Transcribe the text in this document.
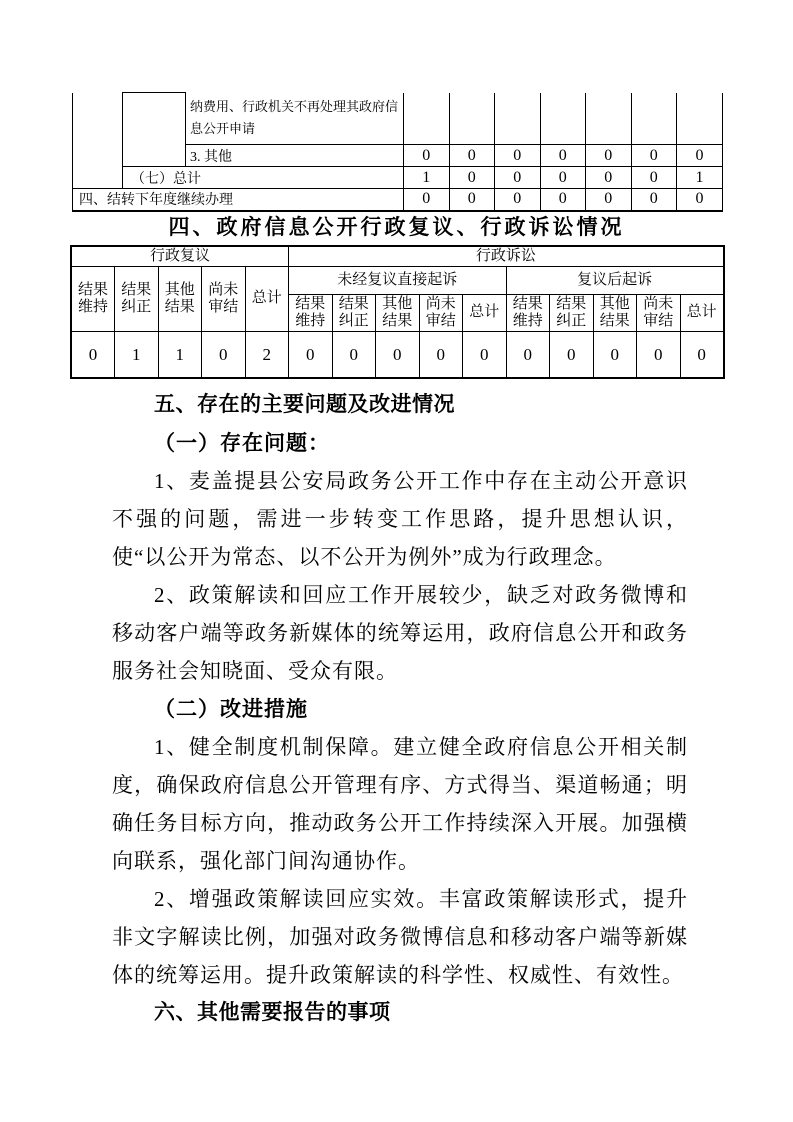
		纳费用、行政机关不再处理其政府信息公开申请							
		3. 其他	0	0	0	0	0	0	0
	（七）总计		1	0	0	0	0	0	1
四、结转下年度继续办理			0	0	0	0	0	0	0
四、政府信息公开行政复议、行政诉讼情况
行政复议					行政诉讼									
结果维持	结果纠正	其他结果	尚未审结	总计	未经复议直接起诉					复议后起诉				
					结果维持	结果纠正	其他结果	尚未审结	总计	结果维持	结果纠正	其他结果	尚未审结	总计
0	1	1	0	2	0	0	0	0	0	0	0	0	0	0
五、存在的主要问题及改进情况
（一）存在问题：
1、麦盖提县公安局政务公开工作中存在主动公开意识不强的问题，需进一步转变工作思路，提升思想认识，使“以公开为常态、以不公开为例外”成为行政理念。
2、政策解读和回应工作开展较少，缺乏对政务微博和移动客户端等政务新媒体的统筹运用，政府信息公开和政务服务社会知晓面、受众有限。
（二）改进措施
1、健全制度机制保障。建立健全政府信息公开相关制度，确保政府信息公开管理有序、方式得当、渠道畅通；明确任务目标方向，推动政务公开工作持续深入开展。加强横向联系，强化部门间沟通协作。
2、增强政策解读回应实效。丰富政策解读形式，提升非文字解读比例，加强对政务微博信息和移动客户端等新媒体的统筹运用。提升政策解读的科学性、权威性、有效性。
六、其他需要报告的事项
